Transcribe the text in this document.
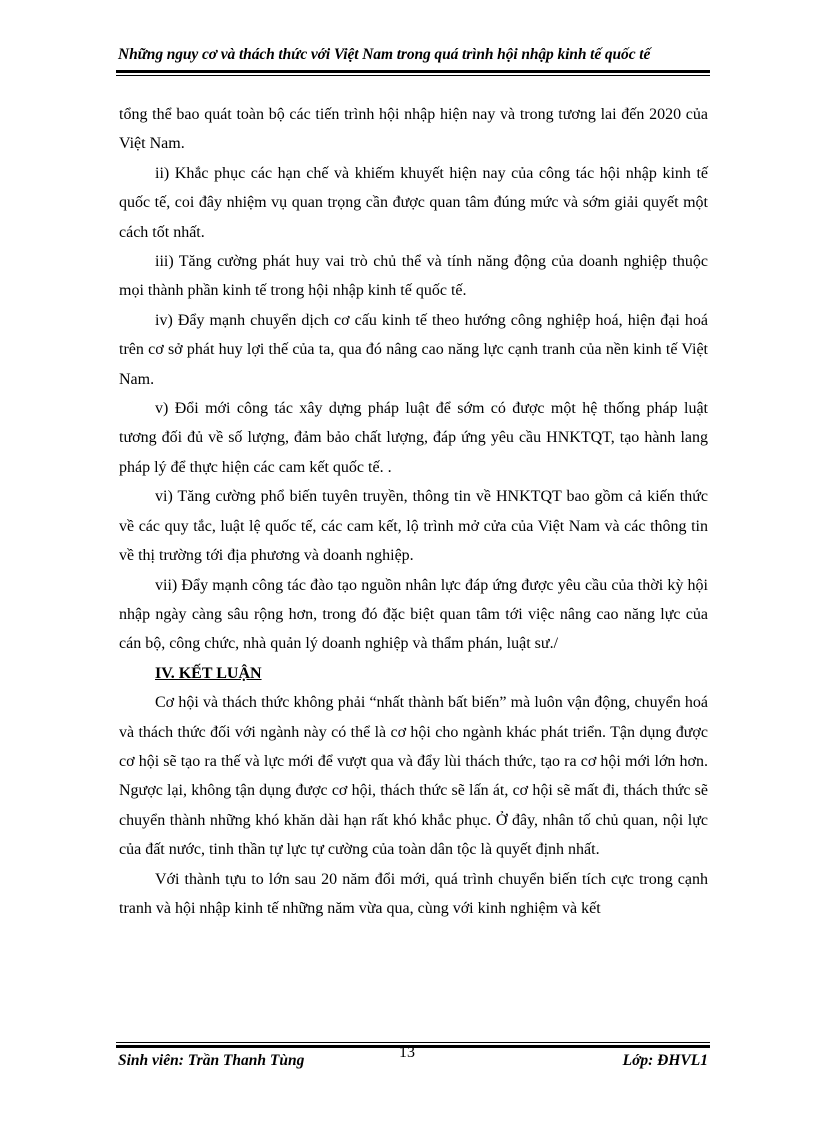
Những nguy cơ và thách thức với Việt Nam trong quá trình hội nhập kinh tế quốc tế

tổng thể bao quát toàn bộ các tiến trình hội nhập hiện nay và trong tương lai đến 2020 của Việt Nam.

ii) Khắc phục các hạn chế và khiếm khuyết hiện nay của công tác hội nhập kinh tế quốc tế, coi đây nhiệm vụ quan trọng cần được quan tâm đúng mức và sớm giải quyết một cách tốt nhất.

iii) Tăng cường phát huy vai trò chủ thể và tính năng động của doanh nghiệp thuộc mọi thành phần kinh tế trong hội nhập kinh tế quốc tế.

iv) Đẩy mạnh chuyển dịch cơ cấu kinh tế theo hướng công nghiệp hoá, hiện đại hoá trên cơ sở phát huy lợi thế của ta, qua đó nâng cao năng lực cạnh tranh của nền kinh tế Việt Nam.

v) Đổi mới công tác xây dựng pháp luật để sớm có được một hệ thống pháp luật tương đối đủ về số lượng, đảm bảo chất lượng, đáp ứng yêu cầu HNKTQT, tạo hành lang pháp lý để thực hiện các cam kết quốc tế. .

vi) Tăng cường phổ biến tuyên truyền, thông tin về HNKTQT bao gồm cả kiến thức về các quy tắc, luật lệ quốc tế, các cam kết, lộ trình mở cửa của Việt Nam và các thông tin về thị trường tới địa phương và doanh nghiệp.

vii) Đẩy mạnh công tác đào tạo nguồn nhân lực đáp ứng được yêu cầu của thời kỳ hội nhập ngày càng sâu rộng hơn, trong đó đặc biệt quan tâm tới việc nâng cao năng lực của cán bộ, công chức, nhà quản lý doanh nghiệp và thẩm phán, luật sư./

IV. KẾT LUẬN

Cơ hội và thách thức không phải “nhất thành bất biến” mà luôn vận động, chuyển hoá và thách thức đối với ngành này có thể là cơ hội cho ngành khác phát triển. Tận dụng được cơ hội sẽ tạo ra thế và lực mới để vượt qua và đẩy lùi thách thức, tạo ra cơ hội mới lớn hơn. Ngược lại, không tận dụng được cơ hội, thách thức sẽ lấn át, cơ hội sẽ mất đi, thách thức sẽ chuyển thành những khó khăn dài hạn rất khó khắc phục. Ở đây, nhân tố chủ quan, nội lực của đất nước, tinh thần tự lực tự cường của toàn dân tộc là quyết định nhất.

Với thành tựu to lớn sau 20 năm đổi mới, quá trình chuyển biến tích cực trong cạnh tranh và hội nhập kinh tế những năm vừa qua, cùng với kinh nghiệm và kết

Sinh viên: Trần Thanh Tùng	13	Lớp: ĐHVL1
